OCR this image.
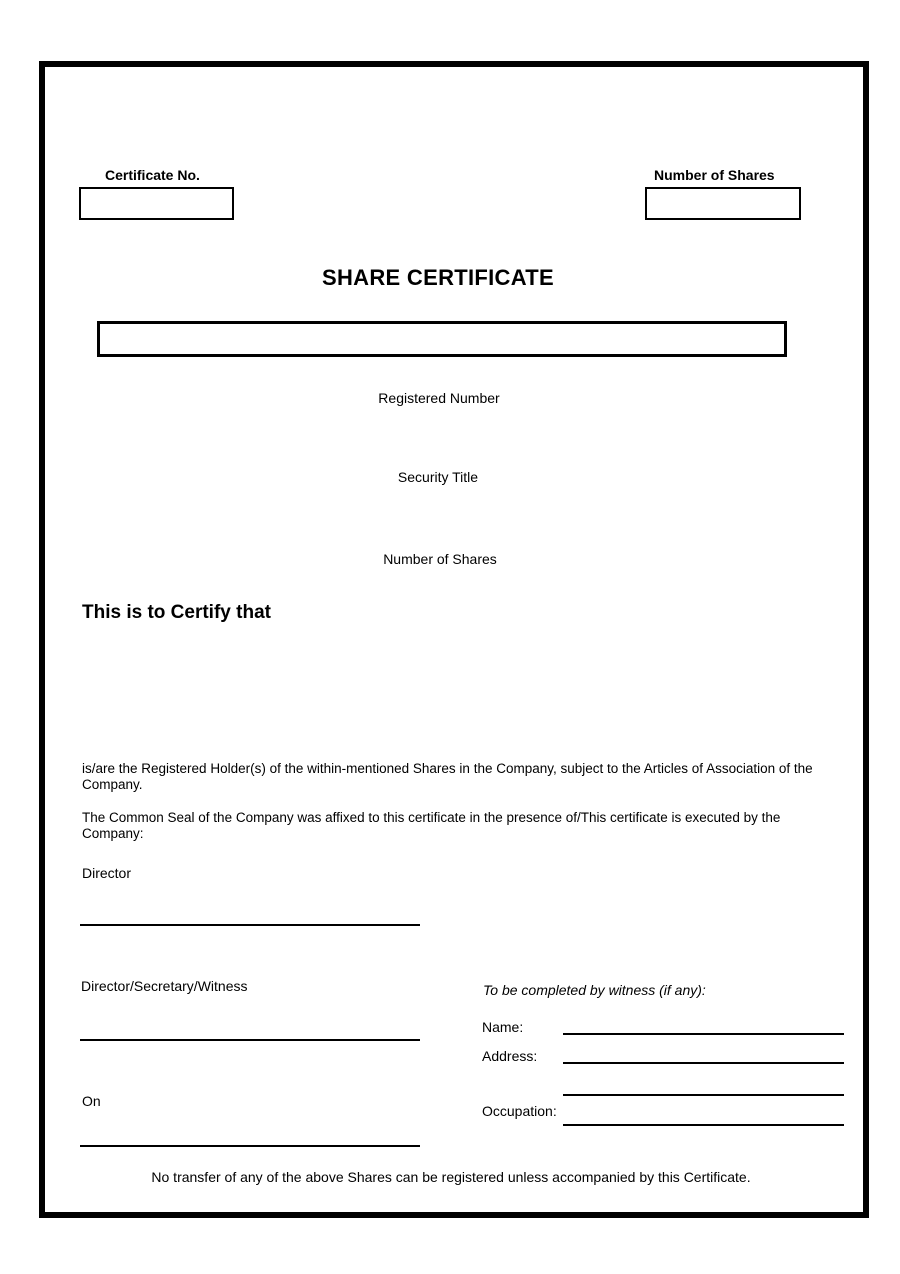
Certificate No.	Number of Shares
SHARE CERTIFICATE
Registered Number
Security Title
Number of Shares
This is to Certify that
is/are the Registered Holder(s) of the within-mentioned Shares in the Company, subject to the Articles of Association of the Company.
The Common Seal of the Company was affixed to this certificate in the presence of/This certificate is executed by the Company:
Director
Director/Secretary/Witness
On
To be completed by witness (if any):
Name:
Address:
Occupation:
No transfer of any of the above Shares can be registered unless accompanied by this Certificate.
